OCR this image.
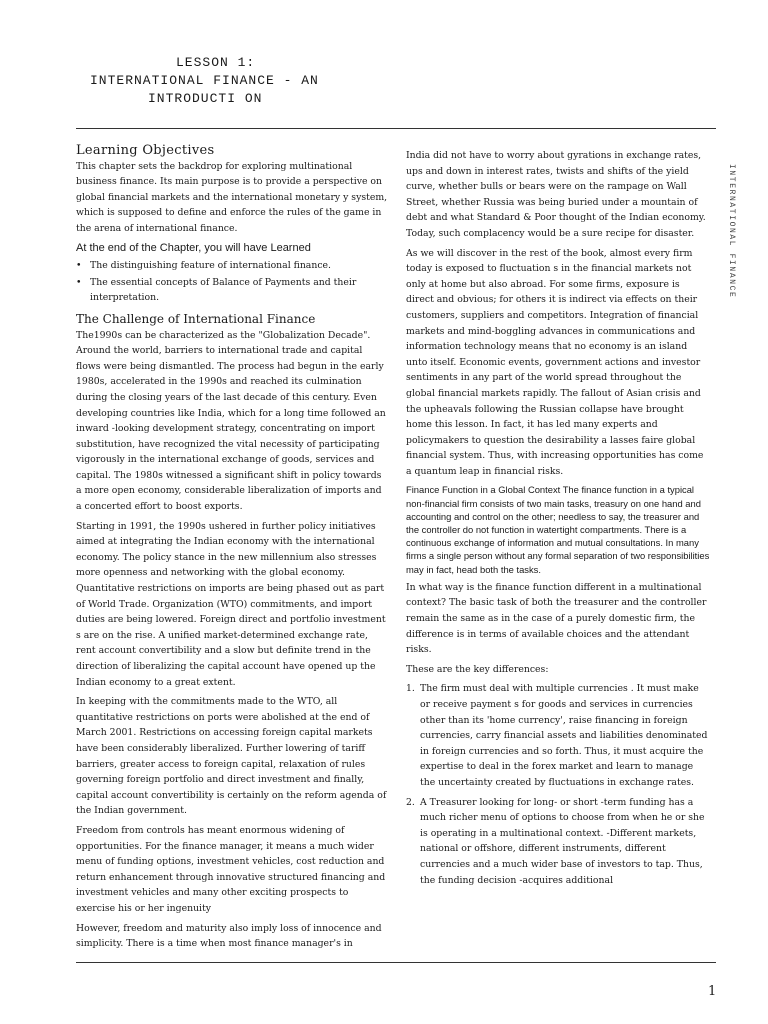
LESSON 1:
INTERNATIONAL FINANCE - AN
INTRODUCTI ON
Learning Objectives

This chapter sets the backdrop for exploring multinational business finance. Its main purpose is to provide a perspective on global financial markets and the international monetary y system, which is supposed to define and enforce the rules of the game in the arena of international finance.

At the end of the Chapter, you will have Learned
• The distinguishing feature of international finance.
• The essential concepts of Balance of Payments and their interpretation.
The Challenge of International Finance

The1990s can be characterized as the "Globalization Decade". Around the world, barriers to international trade and capital flows were being dismantled. The process had begun in the early 1980s, accelerated in the 1990s and reached its culmination during the closing years of the last decade of this century. Even developing countries like India, which for a long time followed an inward -looking development strategy, concentrating on import substitution, have recognized the vital necessity of participating vigorously in the international exchange of goods, services and capital. The 1980s witnessed a significant shift in policy towards a more open economy, considerable liberalization of imports and a concerted effort to boost exports.

Starting in 1991, the 1990s ushered in further policy initiatives aimed at integrating the Indian economy with the international economy. The policy stance in the new millennium also stresses more openness and networking with the global economy. Quantitative restrictions on imports are being phased out as part of World Trade. Organization (WTO) commitments, and import duties are being lowered. Foreign direct and portfolio investment s are on the rise. A unified market-determined exchange rate, rent account convertibility and a slow but definite trend in the direction of liberalizing the capital account have opened up the Indian economy to a great extent.

In keeping with the commitments made to the WTO, all quantitative restrictions on ports were abolished at the end of March 2001. Restrictions on accessing foreign capital markets have been considerably liberalized. Further lowering of tariff barriers, greater access to foreign capital, relaxation of rules governing foreign portfolio and direct investment and finally, capital account convertibility is certainly on the reform agenda of the Indian government.

Freedom from controls has meant enormous widening of opportunities. For the finance manager, it means a much wider menu of funding options, investment vehicles, cost reduction and return enhancement through innovative structured financing and investment vehicles and many other exciting prospects to exercise his or her ingenuity

However, freedom and maturity also imply loss of innocence and simplicity. There is a time when most finance manager's in

India did not have to worry about gyrations in exchange rates, ups and down in interest rates, twists and shifts of the yield curve, whether bulls or bears were on the rampage on Wall Street, whether Russia was being buried under a mountain of debt and what Standard & Poor thought of the Indian economy. Today, such complacency would be a sure recipe for disaster.

As we will discover in the rest of the book, almost every firm today is exposed to fluctuation s in the financial markets not only at home but also abroad. For some firms, exposure is direct and obvious; for others it is indirect via effects on their customers, suppliers and competitors. Integration of financial markets and mind-boggling advances in communications and information technology means that no economy is an island unto itself. Economic events, government actions and investor sentiments in any part of the world spread throughout the global financial markets rapidly. The fallout of Asian crisis and the upheavals following the Russian collapse have brought home this lesson. In fact, it has led many experts and policymakers to question the desirability a lasses faire global financial system. Thus, with increasing opportunities has come a quantum leap in financial risks.

Finance Function in a Global Context The finance function in a typical non-financial firm consists of two main tasks, treasury on one hand and accounting and control on the other; needless to say, the treasurer and the controller do not function in watertight compartments. There is a continuous exchange of information and mutual consultations. In many firms a single person without any formal separation of two responsibilities may in fact, head both the tasks.

In what way is the finance function different in a multinational context? The basic task of both the treasurer and the controller remain the same as in the case of a purely domestic firm, the difference is in terms of available choices and the attendant risks.

These are the key differences:

1. The firm must deal with multiple currencies . It must make or receive payment s for goods and services in currencies other than its 'home currency', raise financing in foreign currencies, carry financial assets and liabilities denominated in foreign currencies and so forth. Thus, it must acquire the expertise to deal in the forex market and learn to manage the uncertainty created by fluctuations in exchange rates.
2. A Treasurer looking for long- or short -term funding has a much richer menu of options to choose from when he or she is operating in a multinational context. -Different markets, national or offshore, different instruments, different currencies and a much wider base of investors to tap. Thus, the funding decision -acquires additional
INTERNATIONAL FINANCE
1
